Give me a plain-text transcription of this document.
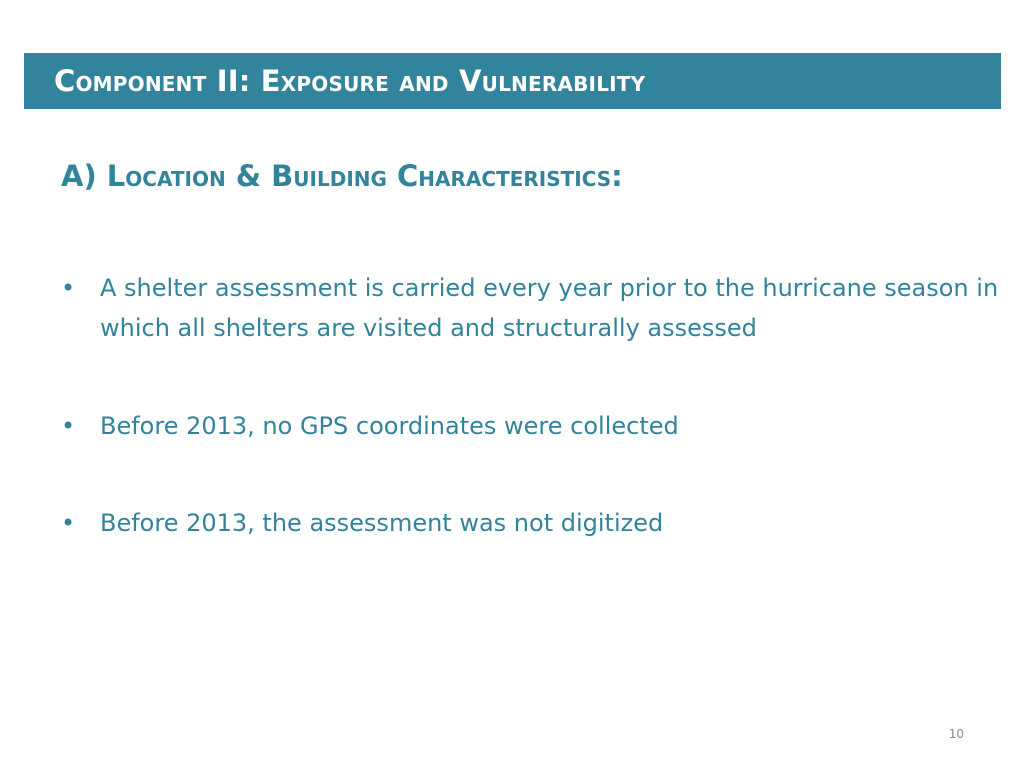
Component II: Exposure and Vulnerability
A) Location & Building Characteristics:
• A shelter assessment is carried every year prior to the hurricane season in which all shelters are visited and structurally assessed
• Before 2013, no GPS coordinates were collected
• Before 2013, the assessment was not digitized
10
